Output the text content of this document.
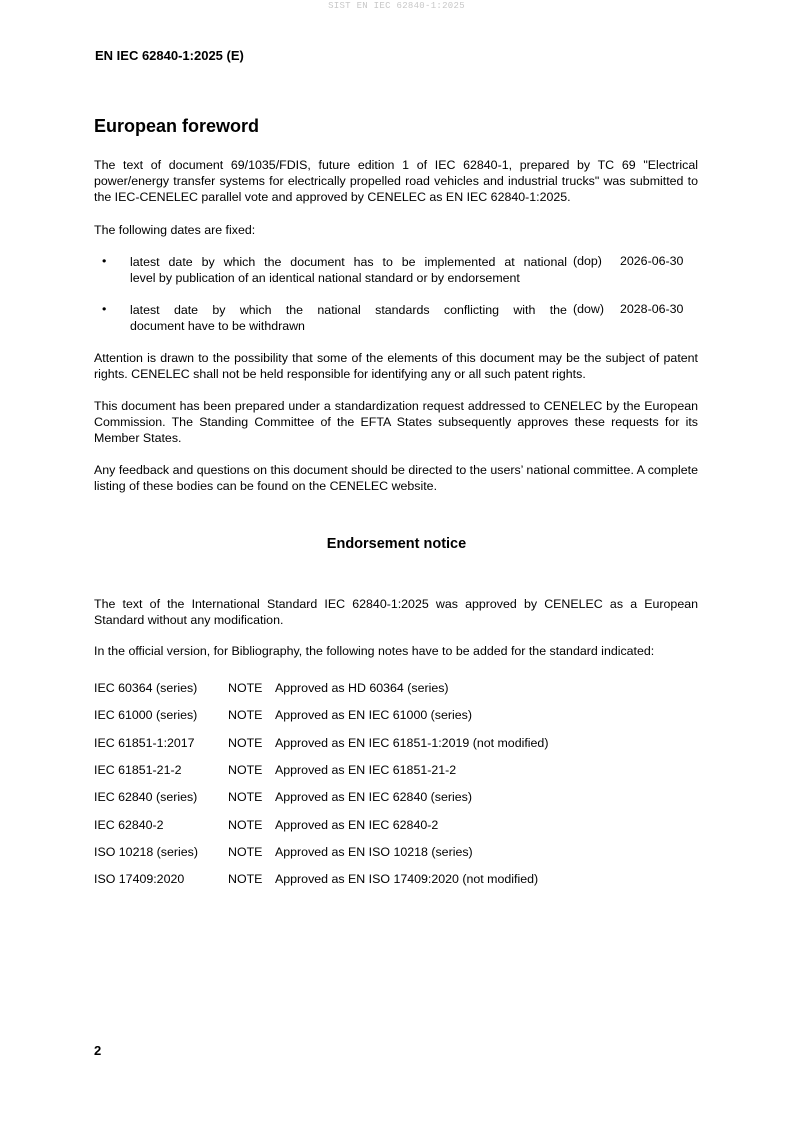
SIST EN IEC 62840-1:2025
EN IEC 62840-1:2025 (E)
European foreword
The text of document 69/1035/FDIS, future edition 1 of IEC 62840-1, prepared by TC 69 "Electrical power/energy transfer systems for electrically propelled road vehicles and industrial trucks" was submitted to the IEC-CENELEC parallel vote and approved by CENELEC as EN IEC 62840-1:2025.
The following dates are fixed:
• latest date by which the document has to be implemented at national
level by publication of an identical national standard or by endorsement
(dop) 2026-06-30
• latest date by which the national standards conflicting with the
document have to be withdrawn
(dow) 2028-06-30
Attention is drawn to the possibility that some of the elements of this document may be the subject of patent rights. CENELEC shall not be held responsible for identifying any or all such patent rights.
This document has been prepared under a standardization request addressed to CENELEC by the European Commission. The Standing Committee of the EFTA States subsequently approves these requests for its Member States.
Any feedback and questions on this document should be directed to the users’ national committee. A complete listing of these bodies can be found on the CENELEC website.
Endorsement notice
The text of the International Standard IEC 62840-1:2025 was approved by CENELEC as a European Standard without any modification.
In the official version, for Bibliography, the following notes have to be added for the standard indicated:
IEC 60364 (series) NOTE Approved as HD 60364 (series)
IEC 61000 (series) NOTE Approved as EN IEC 61000 (series)
IEC 61851-1:2017	NOTE Approved as EN IEC 61851-1:2019 (not modified)
IEC 61851-21-2	NOTE Approved as EN IEC 61851-21-2
IEC 62840 (series) NOTE Approved as EN IEC 62840 (series)
IEC 62840-2	NOTE Approved as EN IEC 62840-2
ISO 10218 (series) NOTE Approved as EN ISO 10218 (series)
ISO 17409:2020	NOTE Approved as EN ISO 17409:2020 (not modified)
2
